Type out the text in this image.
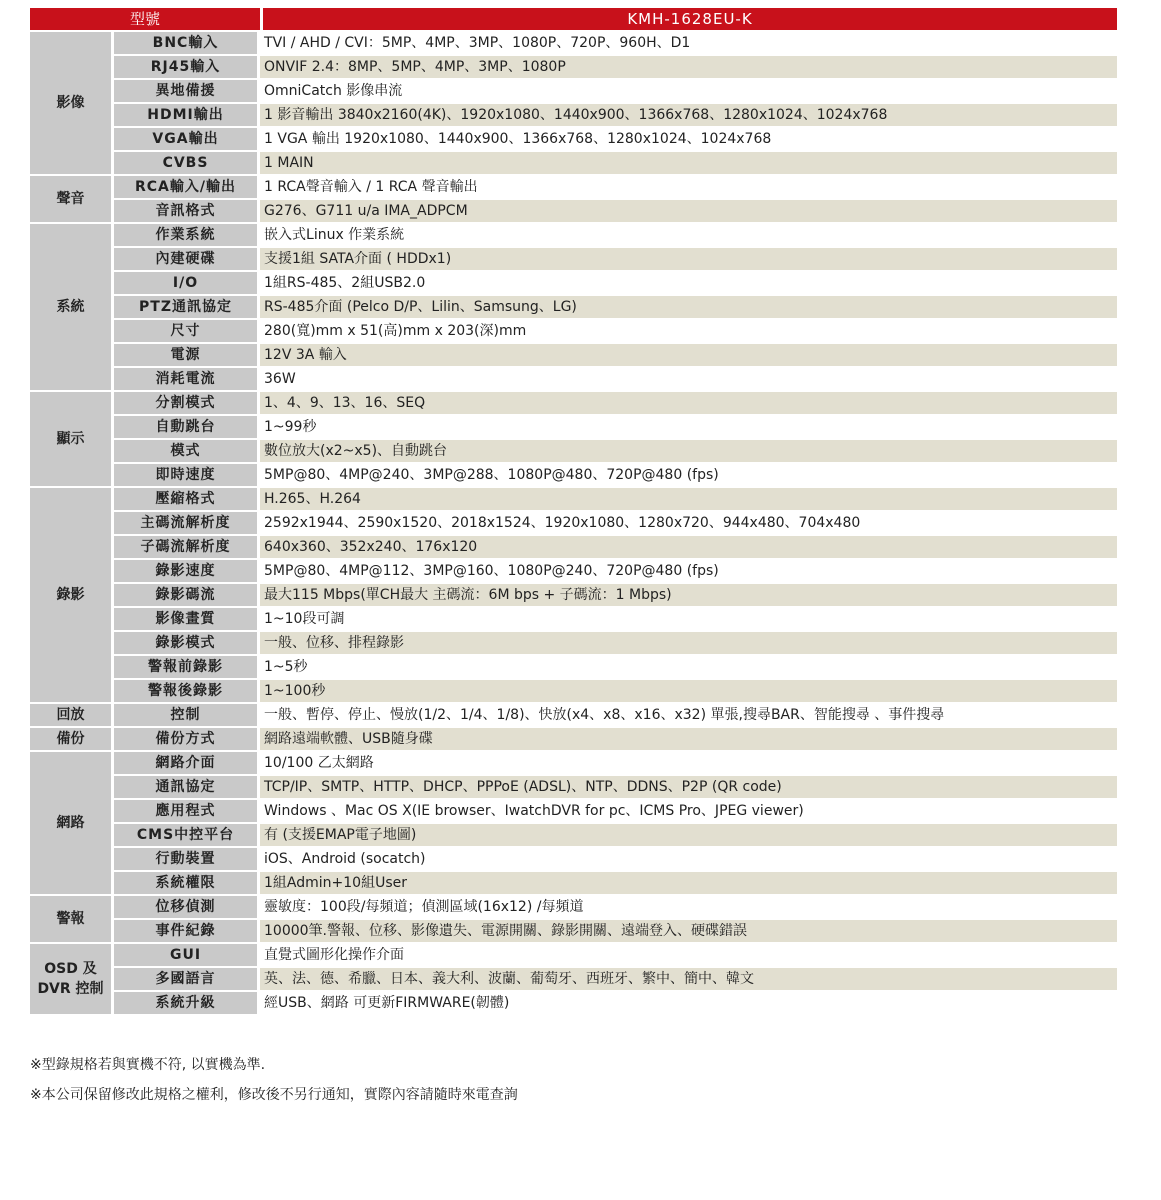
型號		KMH-1628EU-K
影像	BNC輸入	TVI / AHD / CVI：5MP、4MP、3MP、1080P、720P、960H、D1
	RJ45輸入	ONVIF 2.4：8MP、5MP、4MP、3MP、1080P
	異地備援	OmniCatch 影像串流
	HDMI輸出	1 影音輸出 3840x2160(4K)、1920x1080、1440x900、1366x768、1280x1024、1024x768
	VGA輸出	1 VGA 輸出 1920x1080、1440x900、1366x768、1280x1024、1024x768
	CVBS	1 MAIN
聲音	RCA輸入/輸出	1 RCA聲音輸入 / 1 RCA 聲音輸出
	音訊格式	G276、G711 u/a IMA_ADPCM
系統	作業系統	嵌入式Linux 作業系統
	內建硬碟	支援1組 SATA介面 ( HDDx1)
	I/O	1組RS-485、2組USB2.0
	PTZ通訊協定	RS-485介面 (Pelco D/P、Lilin、Samsung、LG)
	尺寸	280(寬)mm x 51(高)mm x 203(深)mm
	電源	12V 3A 輸入
	消耗電流	36W
顯示	分割模式	1、4、9、13、16、SEQ
	自動跳台	1~99秒
	模式	數位放大(x2~x5)、自動跳台
	即時速度	5MP@80、4MP@240、3MP@288、1080P@480、720P@480 (fps)
錄影	壓縮格式	H.265、H.264
	主碼流解析度	2592x1944、2590x1520、2018x1524、1920x1080、1280x720、944x480、704x480
	子碼流解析度	640x360、352x240、176x120
	錄影速度	5MP@80、4MP@112、3MP@160、1080P@240、720P@480 (fps)
	錄影碼流	最大115 Mbps(單CH最大 主碼流：6M bps + 子碼流：1 Mbps)
	影像畫質	1~10段可調
	錄影模式	一般、位移、排程錄影
	警報前錄影	1~5秒
	警報後錄影	1~100秒
回放	控制	一般、暫停、停止、慢放(1/2、1/4、1/8)、快放(x4、x8、x16、x32) 單張,搜尋BAR、智能搜尋 、事件搜尋
備份	備份方式	網路遠端軟體、USB隨身碟
網路	網路介面	10/100 乙太網路
	通訊協定	TCP/IP、SMTP、HTTP、DHCP、PPPoE (ADSL)、NTP、DDNS、P2P (QR code)
	應用程式	Windows 、Mac OS X(IE browser、IwatchDVR for pc、ICMS Pro、JPEG viewer)
	CMS中控平台	有 (支援EMAP電子地圖)
	行動裝置	iOS、Android (socatch)
	系統權限	1組Admin+10組User
警報	位移偵測	靈敏度：100段/每頻道；偵測區域(16x12) /每頻道
	事件紀錄	10000筆.警報、位移、影像遺失、電源開關、錄影開關、遠端登入、硬碟錯誤
OSD 及 DVR 控制	GUI	直覺式圖形化操作介面
	多國語言	英、法、德、希臘、日本、義大利、波蘭、葡萄牙、西班牙、繁中、簡中、韓文
	系統升級	經USB、網路 可更新FIRMWARE(韌體)
※型錄規格若與實機不符, 以實機為準.
※本公司保留修改此規格之權利，修改後不另行通知，實際內容請隨時來電查詢
